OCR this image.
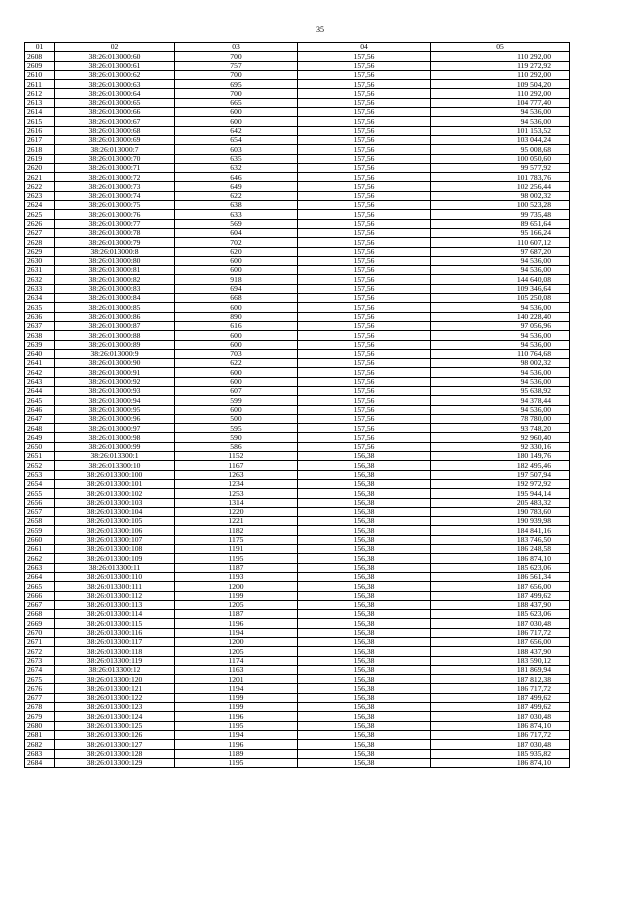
35
01	02	03	04	05
2608	38:26:013000:60	700	157,56	110 292,00
2609	38:26:013000:61	757	157,56	119 272,92
2610	38:26:013000:62	700	157,56	110 292,00
2611	38:26:013000:63	695	157,56	109 504,20
2612	38:26:013000:64	700	157,56	110 292,00
2613	38:26:013000:65	665	157,56	104 777,40
2614	38:26:013000:66	600	157,56	94 536,00
2615	38:26:013000:67	600	157,56	94 536,00
2616	38:26:013000:68	642	157,56	101 153,52
2617	38:26:013000:69	654	157,56	103 044,24
2618	38:26:013000:7	603	157,56	95 008,68
2619	38:26:013000:70	635	157,56	100 050,60
2620	38:26:013000:71	632	157,56	99 577,92
2621	38:26:013000:72	646	157,56	101 783,76
2622	38:26:013000:73	649	157,56	102 256,44
2623	38:26:013000:74	622	157,56	98 002,32
2624	38:26:013000:75	638	157,56	100 523,28
2625	38:26:013000:76	633	157,56	99 735,48
2626	38:26:013000:77	569	157,56	89 651,64
2627	38:26:013000:78	604	157,56	95 166,24
2628	38:26:013000:79	702	157,56	110 607,12
2629	38:26:013000:8	620	157,56	97 687,20
2630	38:26:013000:80	600	157,56	94 536,00
2631	38:26:013000:81	600	157,56	94 536,00
2632	38:26:013000:82	918	157,56	144 640,08
2633	38:26:013000:83	694	157,56	109 346,64
2634	38:26:013000:84	668	157,56	105 250,08
2635	38:26:013000:85	600	157,56	94 536,00
2636	38:26:013000:86	890	157,56	140 228,40
2637	38:26:013000:87	616	157,56	97 056,96
2638	38:26:013000:88	600	157,56	94 536,00
2639	38:26:013000:89	600	157,56	94 536,00
2640	38:26:013000:9	703	157,56	110 764,68
2641	38:26:013000:90	622	157,56	98 002,32
2642	38:26:013000:91	600	157,56	94 536,00
2643	38:26:013000:92	600	157,56	94 536,00
2644	38:26:013000:93	607	157,56	95 638,92
2645	38:26:013000:94	599	157,56	94 378,44
2646	38:26:013000:95	600	157,56	94 536,00
2647	38:26:013000:96	500	157,56	78 780,00
2648	38:26:013000:97	595	157,56	93 748,20
2649	38:26:013000:98	590	157,56	92 960,40
2650	38:26:013000:99	586	157,56	92 330,16
2651	38:26:013300:1	1152	156,38	180 149,76
2652	38:26:013300:10	1167	156,38	182 495,46
2653	38:26:013300:100	1263	156,38	197 507,94
2654	38:26:013300:101	1234	156,38	192 972,92
2655	38:26:013300:102	1253	156,38	195 944,14
2656	38:26:013300:103	1314	156,38	205 483,32
2657	38:26:013300:104	1220	156,38	190 783,60
2658	38:26:013300:105	1221	156,38	190 939,98
2659	38:26:013300:106	1182	156,38	184 841,16
2660	38:26:013300:107	1175	156,38	183 746,50
2661	38:26:013300:108	1191	156,38	186 248,58
2662	38:26:013300:109	1195	156,38	186 874,10
2663	38:26:013300:11	1187	156,38	185 623,06
2664	38:26:013300:110	1193	156,38	186 561,34
2665	38:26:013300:111	1200	156,38	187 656,00
2666	38:26:013300:112	1199	156,38	187 499,62
2667	38:26:013300:113	1205	156,38	188 437,90
2668	38:26:013300:114	1187	156,38	185 623,06
2669	38:26:013300:115	1196	156,38	187 030,48
2670	38:26:013300:116	1194	156,38	186 717,72
2671	38:26:013300:117	1200	156,38	187 656,00
2672	38:26:013300:118	1205	156,38	188 437,90
2673	38:26:013300:119	1174	156,38	183 590,12
2674	38:26:013300:12	1163	156,38	181 869,94
2675	38:26:013300:120	1201	156,38	187 812,38
2676	38:26:013300:121	1194	156,38	186 717,72
2677	38:26:013300:122	1199	156,38	187 499,62
2678	38:26:013300:123	1199	156,38	187 499,62
2679	38:26:013300:124	1196	156,38	187 030,48
2680	38:26:013300:125	1195	156,38	186 874,10
2681	38:26:013300:126	1194	156,38	186 717,72
2682	38:26:013300:127	1196	156,38	187 030,48
2683	38:26:013300:128	1189	156,38	185 935,82
2684	38:26:013300:129	1195	156,38	186 874,10
